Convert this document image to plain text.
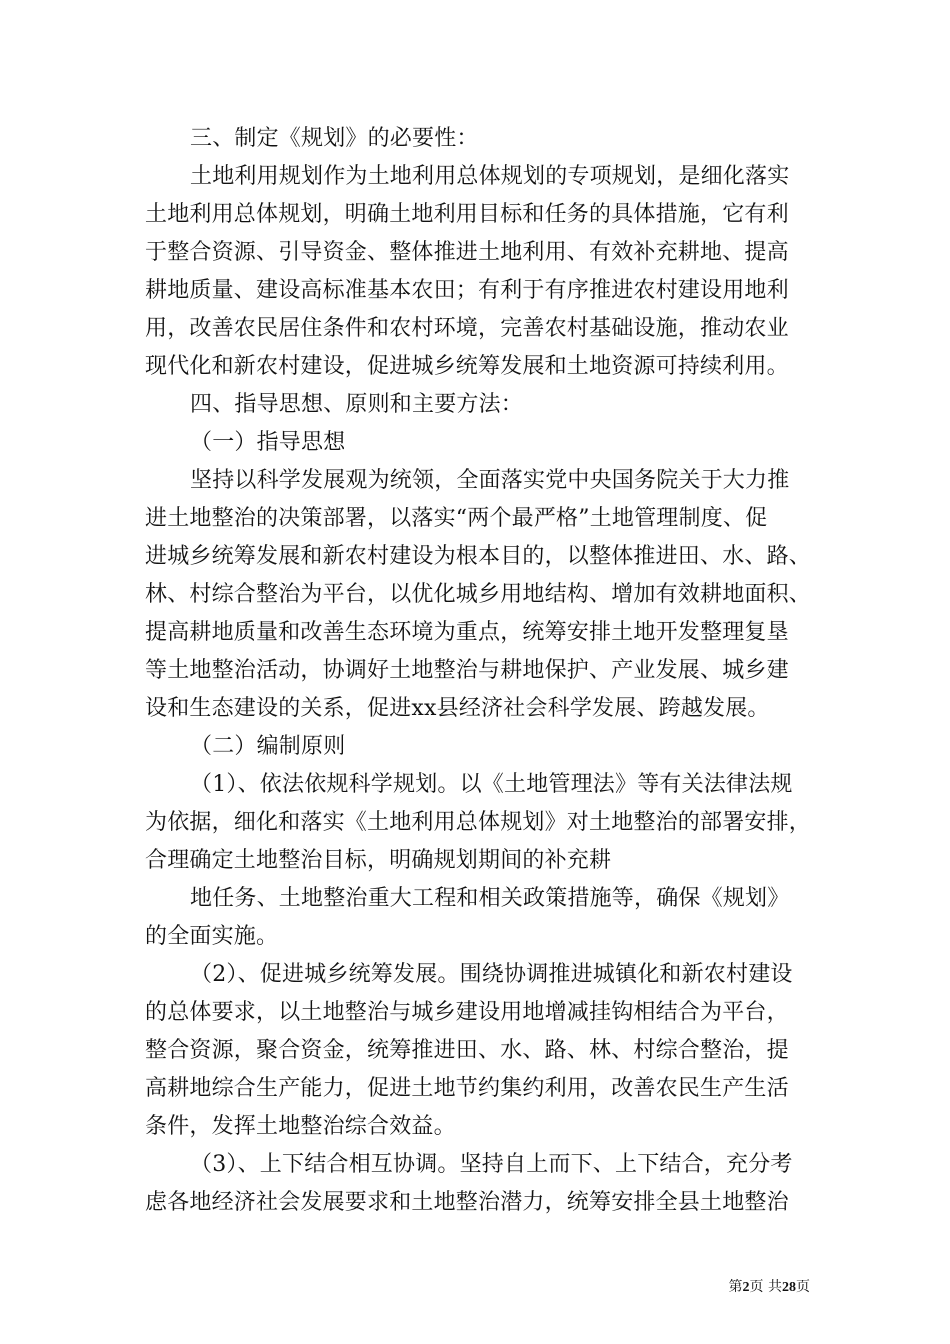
三、制定《规划》的必要性：
土地利用规划作为土地利用总体规划的专项规划，是细化落实
土地利用总体规划，明确土地利用目标和任务的具体措施，它有利
于整合资源、引导资金、整体推进土地利用、有效补充耕地、提高
耕地质量、建设高标准基本农田；有利于有序推进农村建设用地利
用，改善农民居住条件和农村环境，完善农村基础设施，推动农业
现代化和新农村建设，促进城乡统筹发展和土地资源可持续利用。
四、指导思想、原则和主要方法：
（一）指导思想
坚持以科学发展观为统领，全面落实党中央国务院关于大力推
进土地整治的决策部署，以落实“两个最严格”土地管理制度、促
进城乡统筹发展和新农村建设为根本目的，以整体推进田、水、路、
林、村综合整治为平台，以优化城乡用地结构、增加有效耕地面积、
提高耕地质量和改善生态环境为重点，统筹安排土地开发整理复垦
等土地整治活动，协调好土地整治与耕地保护、产业发展、城乡建
设和生态建设的关系，促进xx县经济社会科学发展、跨越发展。
（二）编制原则
（1）、依法依规科学规划。以《土地管理法》等有关法律法规
为依据，细化和落实《土地利用总体规划》对土地整治的部署安排，
合理确定土地整治目标，明确规划期间的补充耕
地任务、土地整治重大工程和相关政策措施等，确保《规划》
的全面实施。
（2）、促进城乡统筹发展。围绕协调推进城镇化和新农村建设
的总体要求，以土地整治与城乡建设用地增减挂钩相结合为平台，
整合资源，聚合资金，统筹推进田、水、路、林、村综合整治，提
高耕地综合生产能力，促进土地节约集约利用，改善农民生产生活
条件，发挥土地整治综合效益。
（3）、上下结合相互协调。坚持自上而下、上下结合，充分考
虑各地经济社会发展要求和土地整治潜力，统筹安排全县土地整治
第2页 共28页
